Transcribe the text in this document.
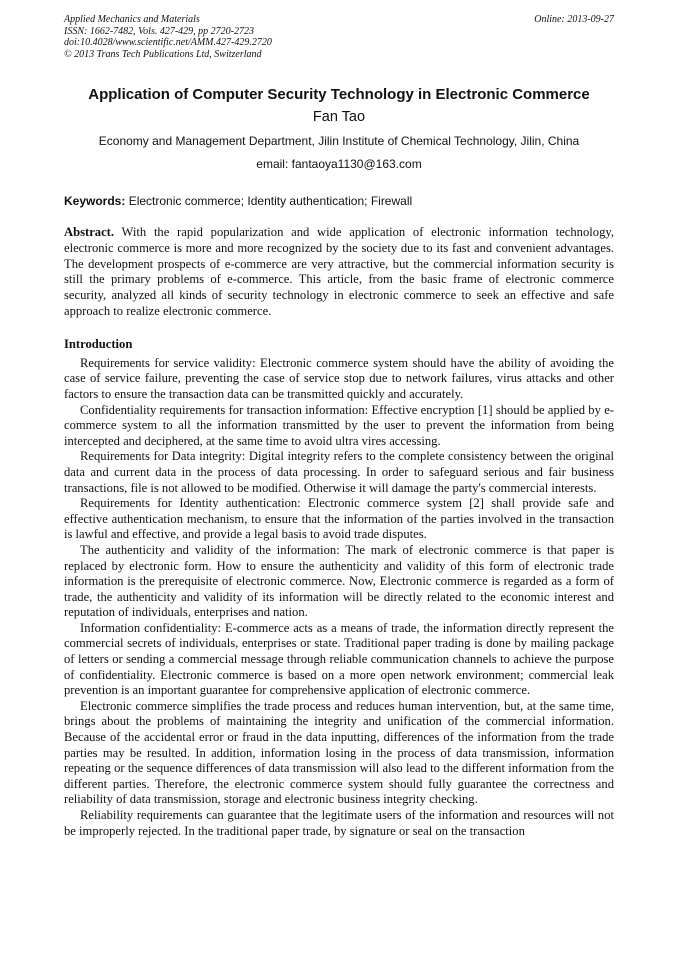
Applied Mechanics and Materials
ISSN: 1662-7482, Vols. 427-429, pp 2720-2723
doi:10.4028/www.scientific.net/AMM.427-429.2720
© 2013 Trans Tech Publications Ltd, Switzerland
Online: 2013-09-27
Application of Computer Security Technology in Electronic Commerce
Fan Tao
Economy and Management Department, Jilin Institute of Chemical Technology, Jilin, China
email: fantaoya1130@163.com
Keywords: Electronic commerce; Identity authentication; Firewall
Abstract. With the rapid popularization and wide application of electronic information technology, electronic commerce is more and more recognized by the society due to its fast and convenient advantages. The development prospects of e-commerce are very attractive, but the commercial information security is still the primary problems of e-commerce. This article, from the basic frame of electronic commerce security, analyzed all kinds of security technology in electronic commerce to seek an effective and safe approach to realize electronic commerce.
Introduction

Requirements for service validity: Electronic commerce system should have the ability of avoiding the case of service failure, preventing the case of service stop due to network failures, virus attacks and other factors to ensure the transaction data can be transmitted quickly and accurately.

Confidentiality requirements for transaction information: Effective encryption [1] should be applied by e-commerce system to all the information transmitted by the user to prevent the information from being intercepted and deciphered, at the same time to avoid ultra vires accessing.

Requirements for Data integrity: Digital integrity refers to the complete consistency between the original data and current data in the process of data processing. In order to safeguard serious and fair business transactions, file is not allowed to be modified. Otherwise it will damage the party's commercial interests.

Requirements for Identity authentication: Electronic commerce system [2] shall provide safe and effective authentication mechanism, to ensure that the information of the parties involved in the transaction is lawful and effective, and provide a legal basis to avoid trade disputes.

The authenticity and validity of the information: The mark of electronic commerce is that paper is replaced by electronic form. How to ensure the authenticity and validity of this form of electronic trade information is the prerequisite of electronic commerce. Now, Electronic commerce is regarded as a form of trade, the authenticity and validity of its information will be directly related to the economic interest and reputation of individuals, enterprises and nation.

Information confidentiality: E-commerce acts as a means of trade, the information directly represent the commercial secrets of individuals, enterprises or state. Traditional paper trading is done by mailing package of letters or sending a commercial message through reliable communication channels to achieve the purpose of confidentiality. Electronic commerce is based on a more open network environment; commercial leak prevention is an important guarantee for comprehensive application of electronic commerce.

Electronic commerce simplifies the trade process and reduces human intervention, but, at the same time, brings about the problems of maintaining the integrity and unification of the commercial information. Because of the accidental error or fraud in the data inputting, differences of the information from the trade parties may be resulted. In addition, information losing in the process of data transmission, information repeating or the sequence differences of data transmission will also lead to the different information from the different parties. Therefore, the electronic commerce system should fully guarantee the correctness and reliability of data transmission, storage and electronic business integrity checking.

Reliability requirements can guarantee that the legitimate users of the information and resources will not be improperly rejected. In the traditional paper trade, by signature or seal on the transaction
